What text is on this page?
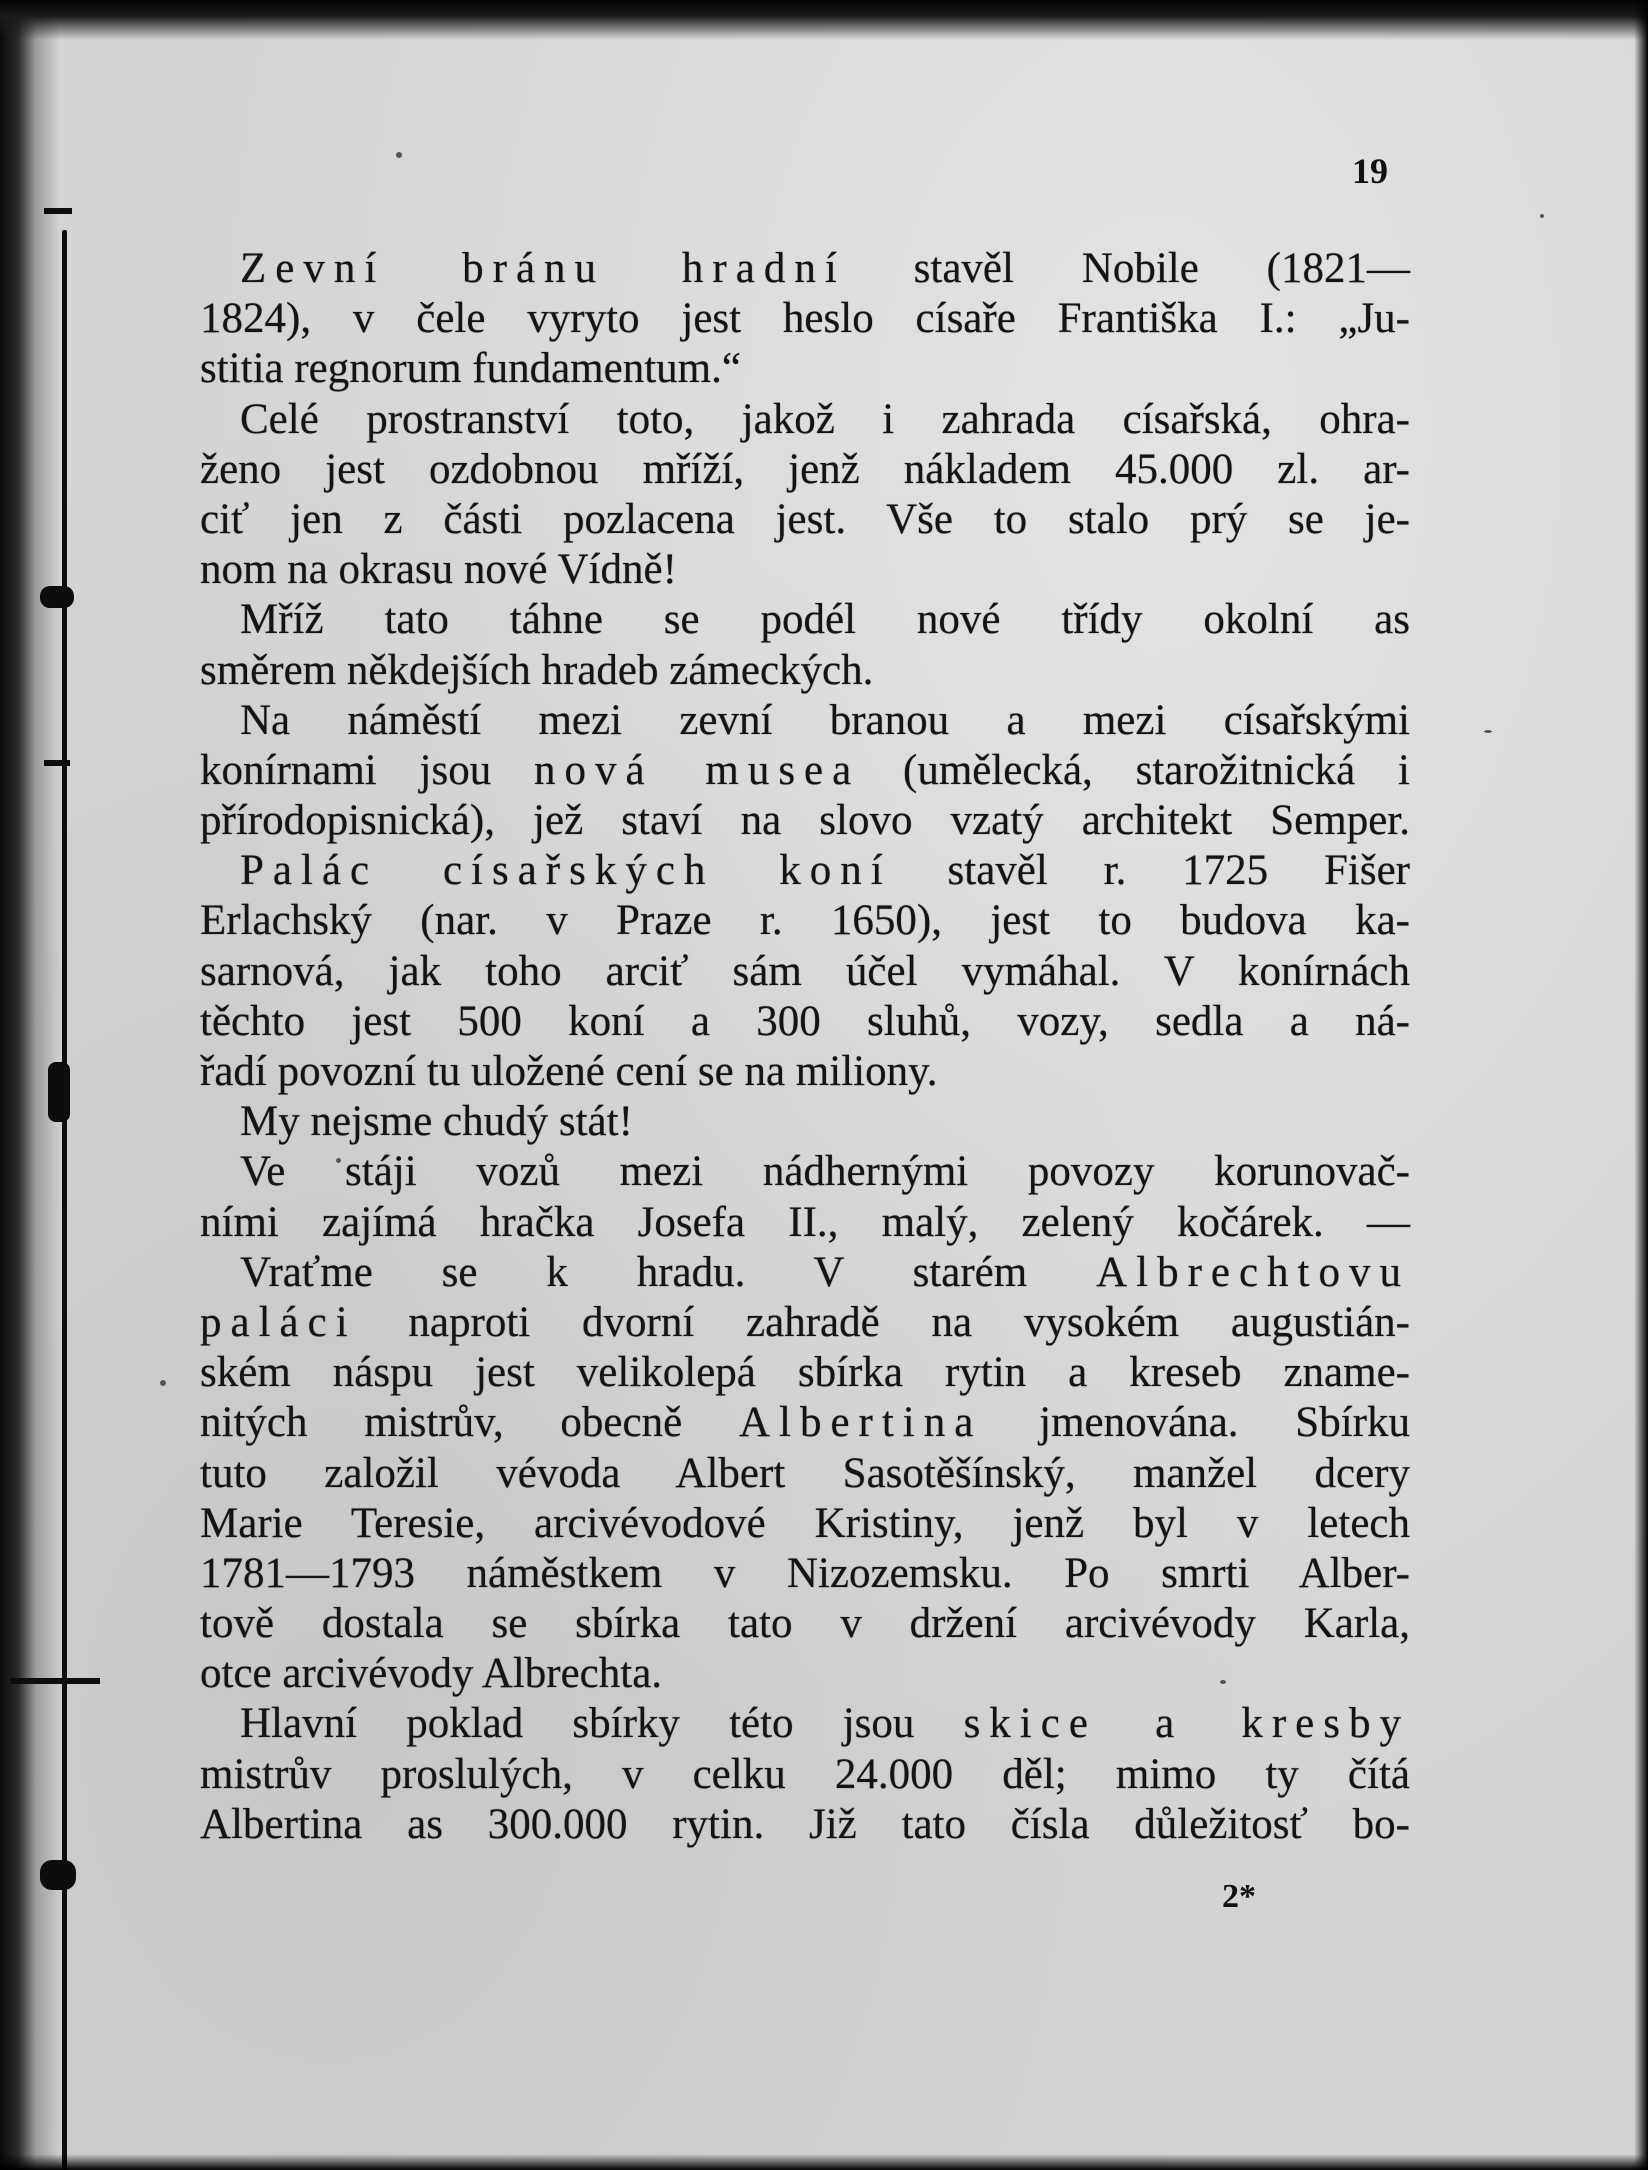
19
Zevní bránu hradní stavěl Nobile (1821—
1824), v čele vyryto jest heslo císaře Františka I.: „Ju-
stitia regnorum fundamentum.“
Celé prostranství toto, jakož i zahrada císařská, ohra-
ženo jest ozdobnou mříží, jenž nákladem 45.000 zl. ar-
ciť jen z části pozlacena jest. Vše to stalo prý se je-
nom na okrasu nové Vídně!
Mříž tato táhne se podél nové třídy okolní as
směrem někdejších hradeb zámeckých.
Na náměstí mezi zevní branou a mezi císařskými
konírnami jsou nová musea (umělecká, starožitnická i
přírodopisnická), jež staví na slovo vzatý architekt Semper.
Palác císařských koní stavěl r. 1725 Fišer
Erlachský (nar. v Praze r. 1650), jest to budova ka-
sarnová, jak toho arciť sám účel vymáhal. V konírnách
těchto jest 500 koní a 300 sluhů, vozy, sedla a ná-
řadí povozní tu uložené cení se na miliony.
My nejsme chudý stát!
Ve stáji vozů mezi nádhernými povozy korunovač-
ními zajímá hračka Josefa II., malý, zelený kočárek. —
Vraťme se k hradu. V starém Albrechtovu
paláci naproti dvorní zahradě na vysokém augustián-
ském náspu jest velikolepá sbírka rytin a kreseb zname-
nitých mistrův, obecně Albertina jmenována. Sbírku
tuto založil vévoda Albert Sasotěšínský, manžel dcery
Marie Teresie, arcivévodové Kristiny, jenž byl v letech
1781—1793 náměstkem v Nizozemsku. Po smrti Alber-
tově dostala se sbírka tato v držení arcivévody Karla,
otce arcivévody Albrechta.
Hlavní poklad sbírky této jsou skice a kresby
mistrův proslulých, v celku 24.000 děl; mimo ty čítá
Albertina as 300.000 rytin. Již tato čísla důležitosť bo-
2*
